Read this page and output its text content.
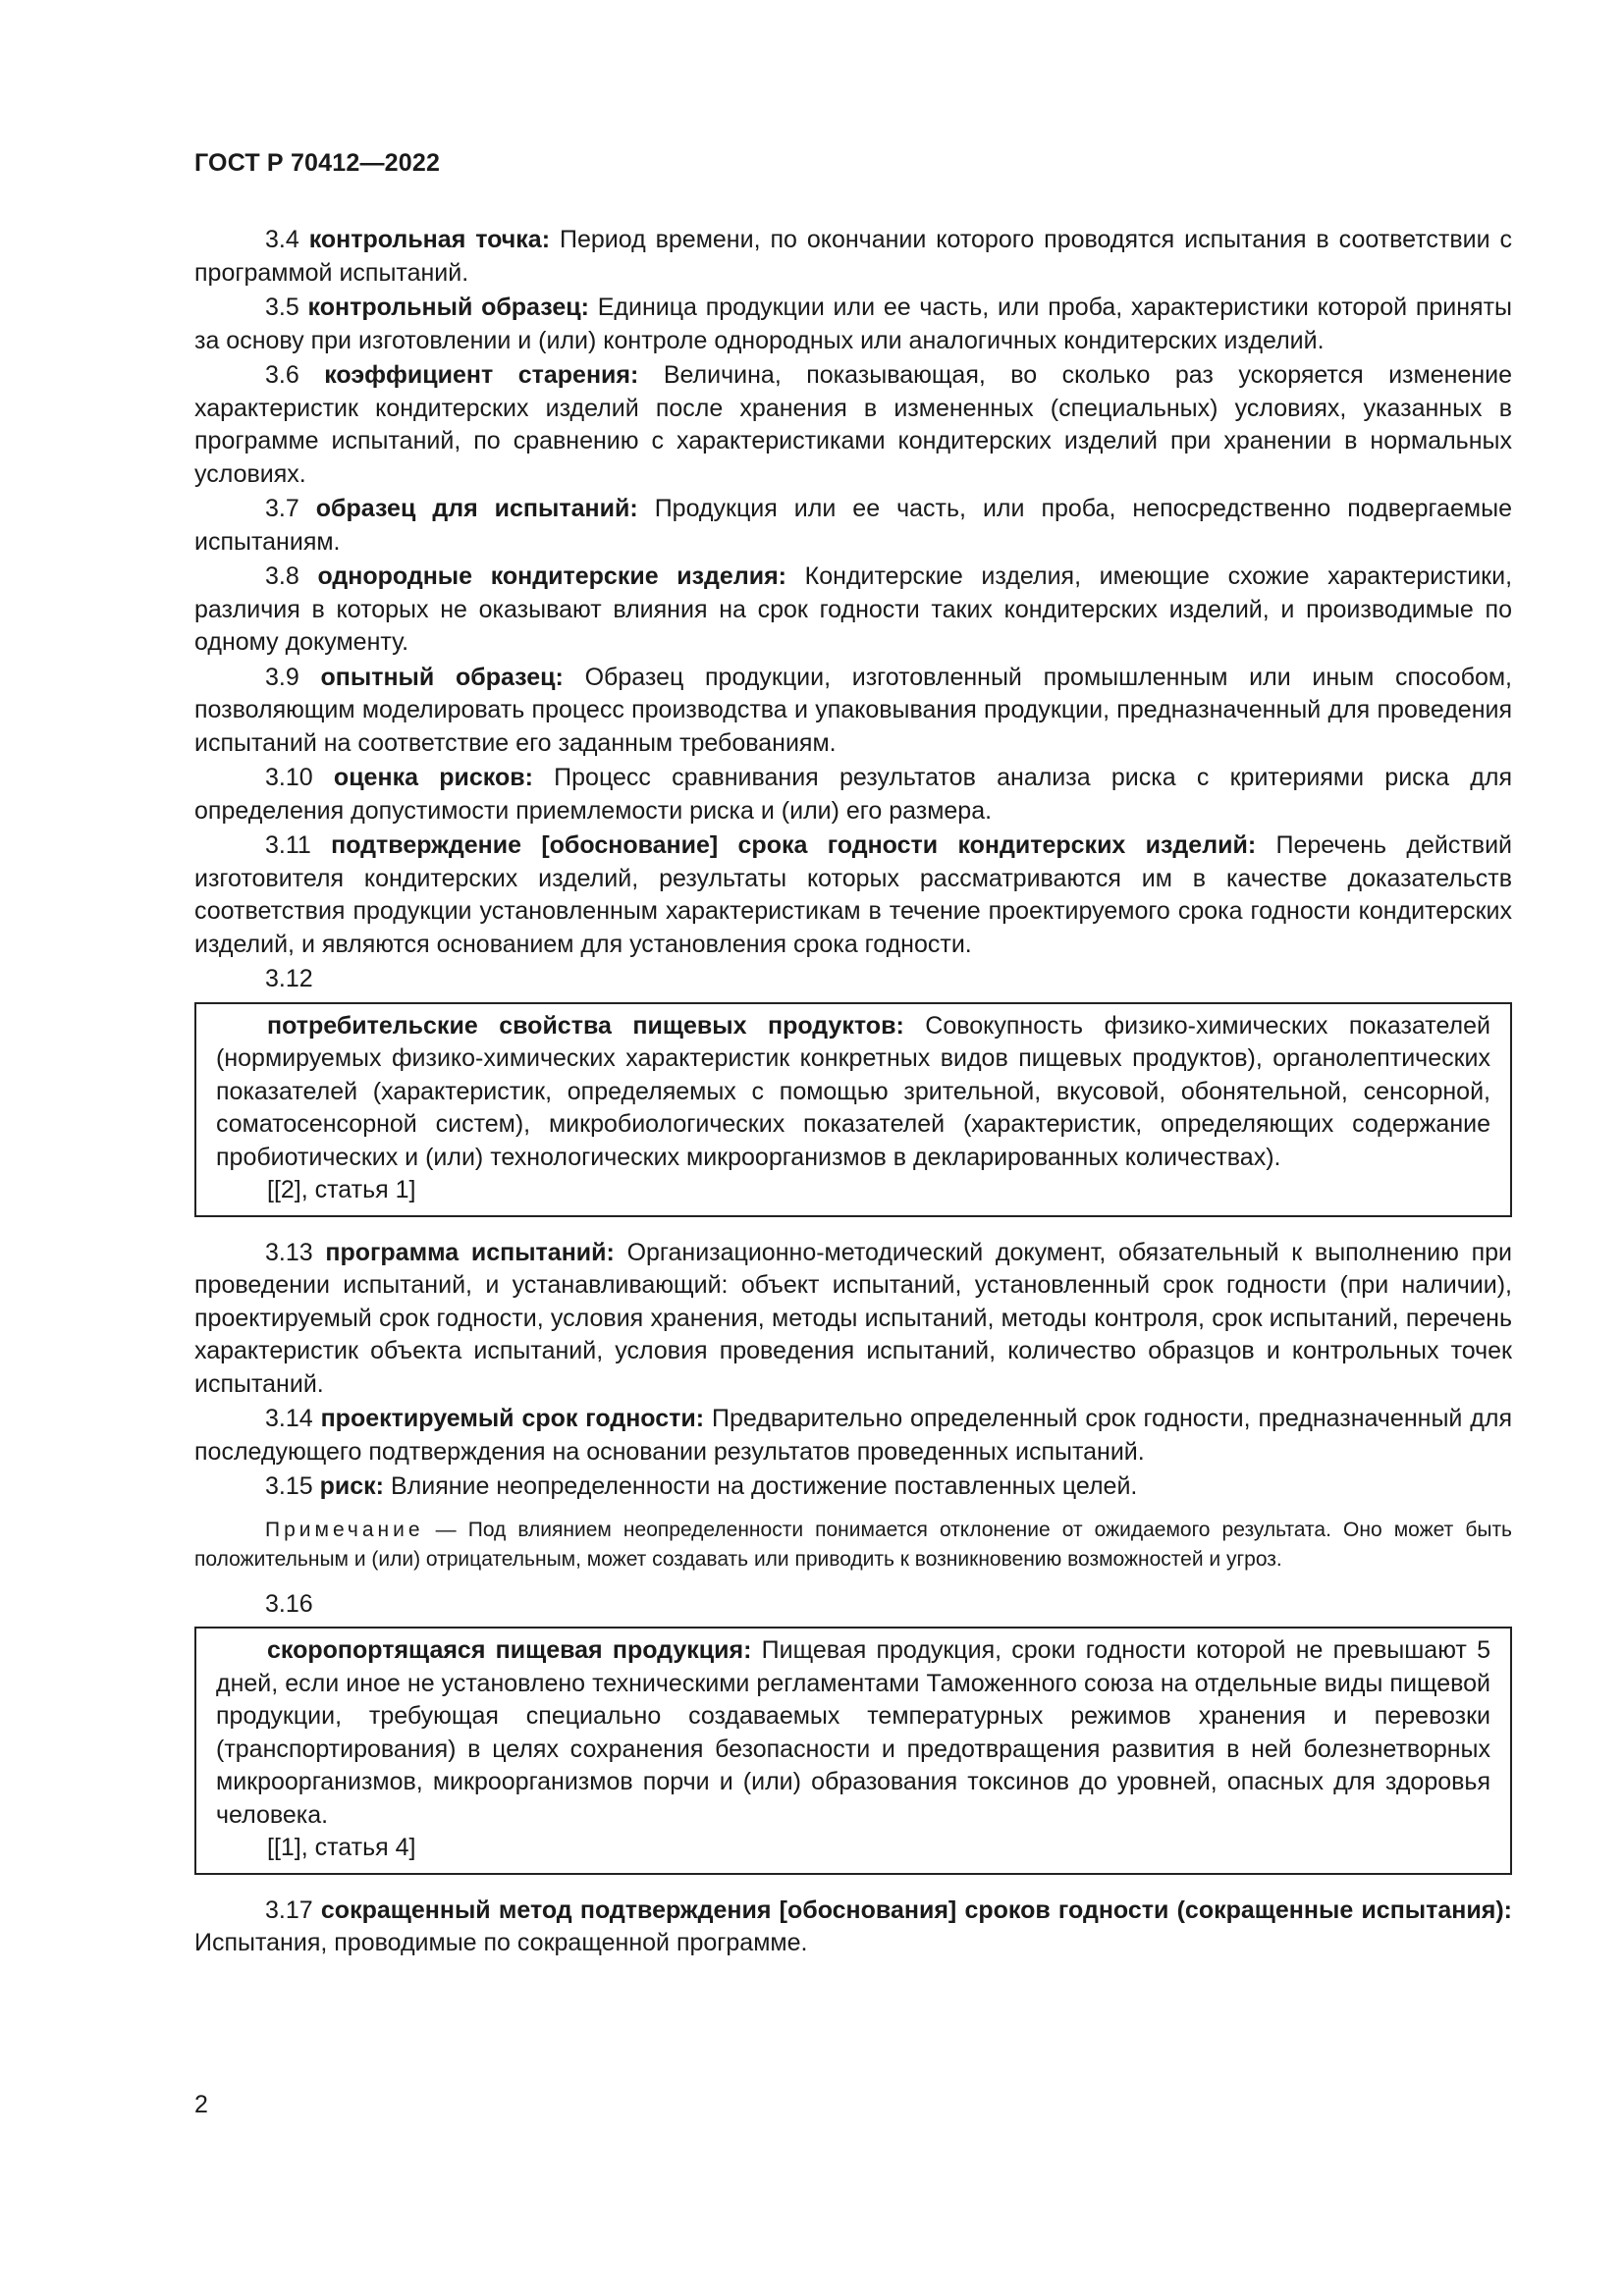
ГОСТ Р 70412—2022

3.4 контрольная точка: Период времени, по окончании которого проводятся испытания в соответствии с программой испытаний.

3.5 контрольный образец: Единица продукции или ее часть, или проба, характеристики которой приняты за основу при изготовлении и (или) контроле однородных или аналогичных кондитерских изделий.

3.6 коэффициент старения: Величина, показывающая, во сколько раз ускоряется изменение характеристик кондитерских изделий после хранения в измененных (специальных) условиях, указанных в программе испытаний, по сравнению с характеристиками кондитерских изделий при хранении в нормальных условиях.

3.7 образец для испытаний: Продукция или ее часть, или проба, непосредственно подвергаемые испытаниям.

3.8 однородные кондитерские изделия: Кондитерские изделия, имеющие схожие характеристики, различия в которых не оказывают влияния на срок годности таких кондитерских изделий, и производимые по одному документу.

3.9 опытный образец: Образец продукции, изготовленный промышленным или иным способом, позволяющим моделировать процесс производства и упаковывания продукции, предназначенный для проведения испытаний на соответствие его заданным требованиям.

3.10 оценка рисков: Процесс сравнивания результатов анализа риска с критериями риска для определения допустимости приемлемости риска и (или) его размера.

3.11 подтверждение [обоснование] срока годности кондитерских изделий: Перечень действий изготовителя кондитерских изделий, результаты которых рассматриваются им в качестве доказательств соответствия продукции установленным характеристикам в течение проектируемого срока годности кондитерских изделий, и являются основанием для установления срока годности.

3.12

потребительские свойства пищевых продуктов: Совокупность физико-химических показателей (нормируемых физико-химических характеристик конкретных видов пищевых продуктов), органолептических показателей (характеристик, определяемых с помощью зрительной, вкусовой, обонятельной, сенсорной, соматосенсорной систем), микробиологических показателей (характеристик, определяющих содержание пробиотических и (или) технологических микроорганизмов в декларированных количествах).

[[2], статья 1]

3.13 программа испытаний: Организационно-методический документ, обязательный к выполнению при проведении испытаний, и устанавливающий: объект испытаний, установленный срок годности (при наличии), проектируемый срок годности, условия хранения, методы испытаний, методы контроля, срок испытаний, перечень характеристик объекта испытаний, условия проведения испытаний, количество образцов и контрольных точек испытаний.

3.14 проектируемый срок годности: Предварительно определенный срок годности, предназначенный для последующего подтверждения на основании результатов проведенных испытаний.

3.15 риск: Влияние неопределенности на достижение поставленных целей.

Примечание — Под влиянием неопределенности понимается отклонение от ожидаемого результата. Оно может быть положительным и (или) отрицательным, может создавать или приводить к возникновению возможностей и угроз.

3.16

скоропортящаяся пищевая продукция: Пищевая продукция, сроки годности которой не превышают 5 дней, если иное не установлено техническими регламентами Таможенного союза на отдельные виды пищевой продукции, требующая специально создаваемых температурных режимов хранения и перевозки (транспортирования) в целях сохранения безопасности и предотвращения развития в ней болезнетворных микроорганизмов, микроорганизмов порчи и (или) образования токсинов до уровней, опасных для здоровья человека.

[[1], статья 4]

3.17 сокращенный метод подтверждения [обоснования] сроков годности (сокращенные испытания): Испытания, проводимые по сокращенной программе.

2
